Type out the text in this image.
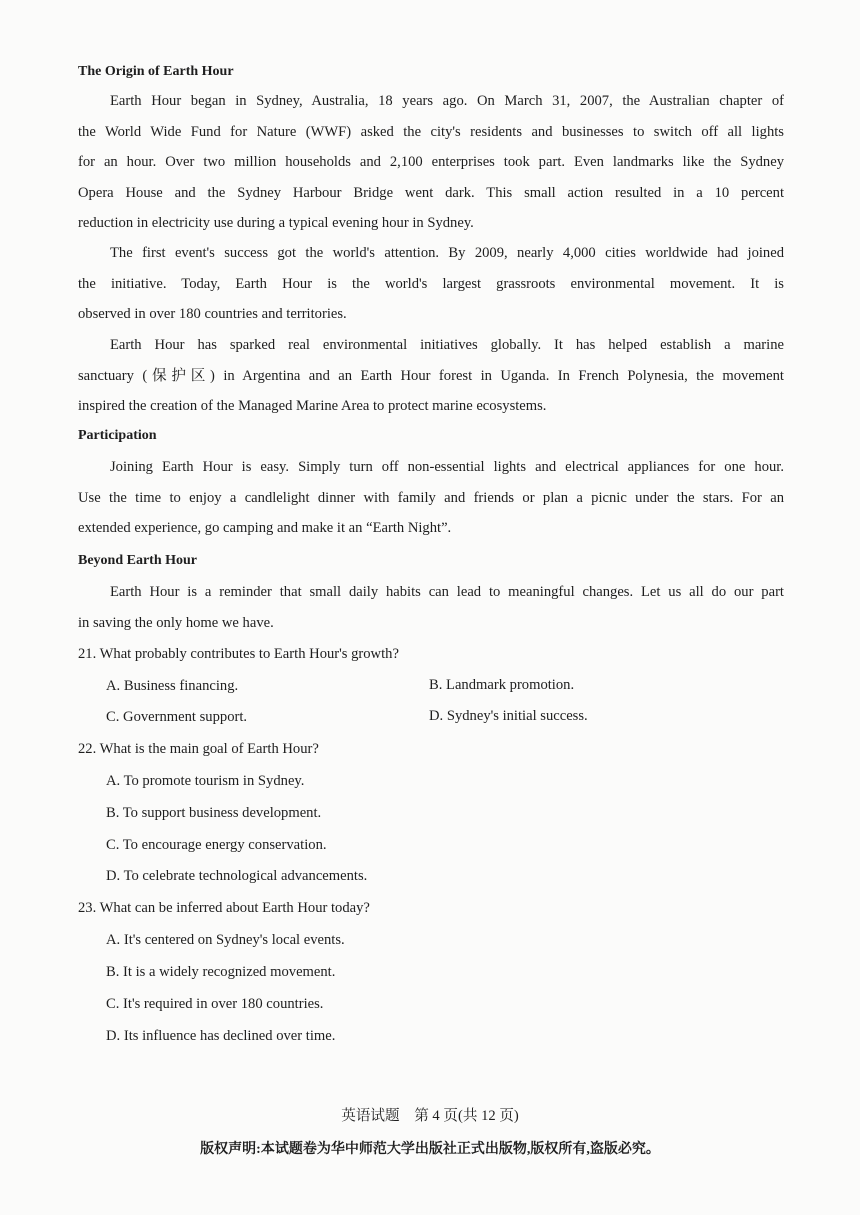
The Origin of Earth Hour
Earth Hour began in Sydney, Australia, 18 years ago. On March 31, 2007, the Australian chapter of
the World Wide Fund for Nature (WWF) asked the city's residents and businesses to switch off all lights
for an hour. Over two million households and 2,100 enterprises took part. Even landmarks like the Sydney
Opera House and the Sydney Harbour Bridge went dark. This small action resulted in a 10 percent
reduction in electricity use during a typical evening hour in Sydney.
The first event's success got the world's attention. By 2009, nearly 4,000 cities worldwide had joined
the initiative. Today, Earth Hour is the world's largest grassroots environmental movement. It is
observed in over 180 countries and territories.
Earth Hour has sparked real environmental initiatives globally. It has helped establish a marine
sanctuary (保护区) in Argentina and an Earth Hour forest in Uganda. In French Polynesia, the movement
inspired the creation of the Managed Marine Area to protect marine ecosystems.
Participation
Joining Earth Hour is easy. Simply turn off non-essential lights and electrical appliances for one hour.
Use the time to enjoy a candlelight dinner with family and friends or plan a picnic under the stars. For an
extended experience, go camping and make it an “Earth Night”.
Beyond Earth Hour
Earth Hour is a reminder that small daily habits can lead to meaningful changes. Let us all do our part
in saving the only home we have.
21. What probably contributes to Earth Hour's growth?
A. Business financing.	B. Landmark promotion.
C. Government support.	D. Sydney's initial success.
22. What is the main goal of Earth Hour?
A. To promote tourism in Sydney.
B. To support business development.
C. To encourage energy conservation.
D. To celebrate technological advancements.
23. What can be inferred about Earth Hour today?
A. It's centered on Sydney's local events.
B. It is a widely recognized movement.
C. It's required in over 180 countries.
D. Its influence has declined over time.
英语试题　第 4 页(共 12 页)
版权声明:本试题卷为华中师范大学出版社正式出版物,版权所有,盗版必究。
